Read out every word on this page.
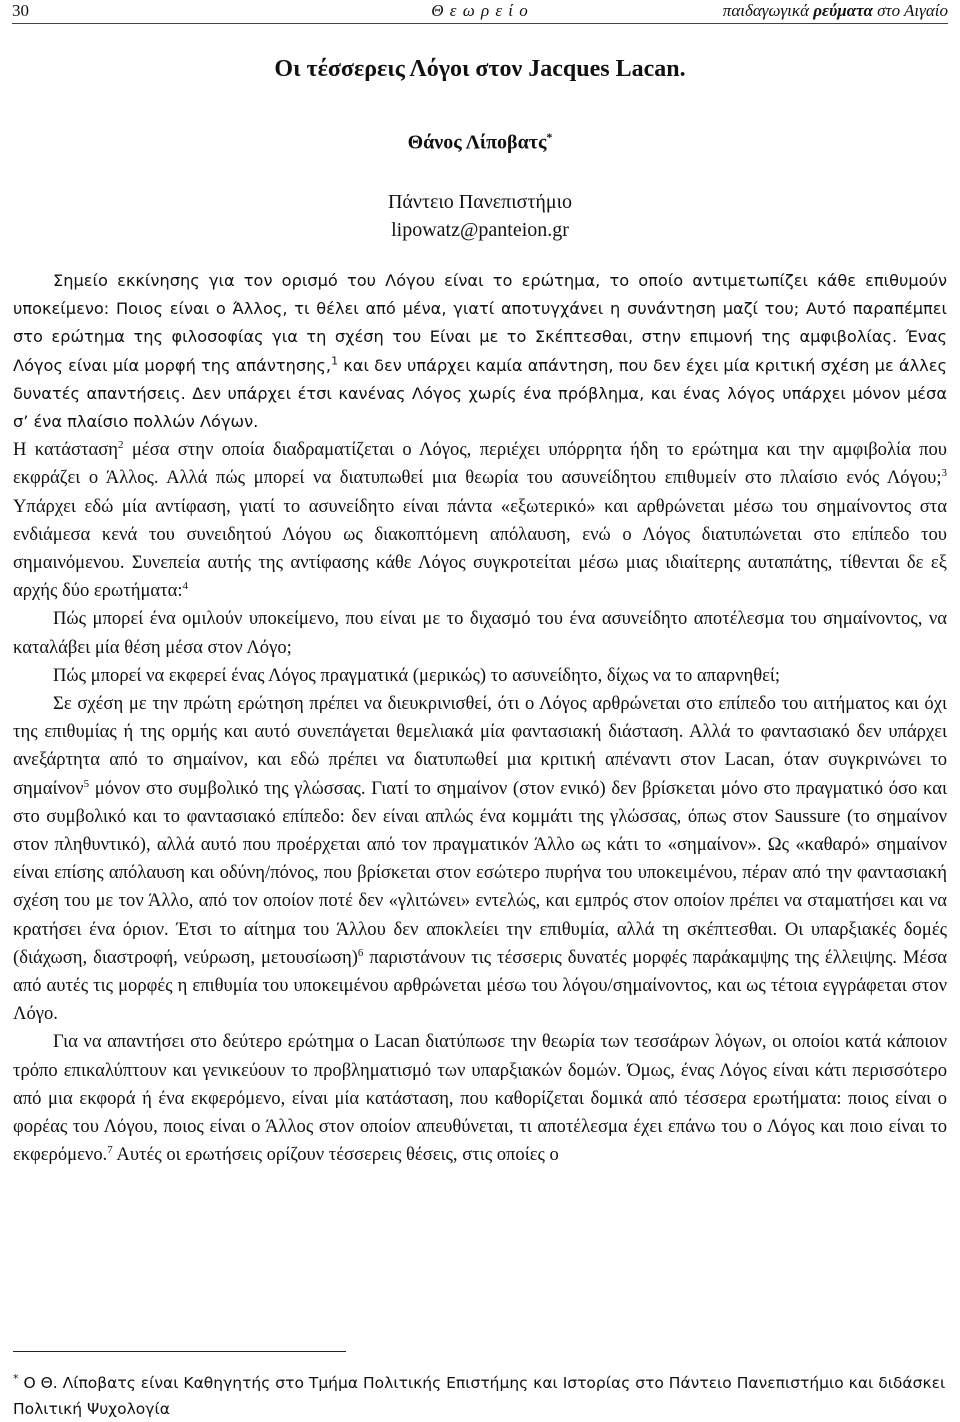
30	Θ ε ω ρ ε ί ο	παιδαγωγικά ρεύματα στο Αιγαίο
Οι τέσσερεις Λόγοι στον Jacques Lacan.
Θάνος Λίποβατς*
Πάντειο Πανεπιστήμιο
lipowatz@panteion.gr

Σημείο εκκίνησης για τον ορισμό του Λόγου είναι το ερώτημα, το οποίο αντιμετωπίζει κάθε επιθυμούν υποκείμενο: Ποιος είναι ο Άλλος, τι θέλει από μένα, γιατί αποτυγχάνει η συνάντηση μαζί του; Αυτό παραπέμπει στο ερώτημα της φιλοσοφίας για τη σχέση του Είναι με το Σκέπτεσθαι, στην επιμονή της αμφιβολίας. Ένας Λόγος είναι μία μορφή της απάντησης,$^1$ και δεν υπάρχει καμία απάντηση, που δεν έχει μία κριτική σχέση με άλλες δυνατές απαντήσεις. Δεν υπάρχει έτσι κανένας Λόγος χωρίς ένα πρόβλημα, και ένας λόγος υπάρχει μόνον μέσα σ’ ένα πλαίσιο πολλών Λόγων.

Η κατάσταση$^2$ μέσα στην οποία διαδραματίζεται ο Λόγος, περιέχει υπόρρητα ήδη το ερώτημα και την αμφιβολία που εκφράζει ο Άλλος. Αλλά πώς μπορεί να διατυπωθεί μια θεωρία του ασυνείδητου επιθυμείν στο πλαίσιο ενός Λόγου;$^3$ Υπάρχει εδώ μία αντίφαση, γιατί το ασυνείδητο είναι πάντα «εξωτερικό» και αρθρώνεται μέσω του σημαίνοντος στα ενδιάμεσα κενά του συνειδητού Λόγου ως διακοπτόμενη απόλαυση, ενώ ο Λόγος διατυπώνεται στο επίπεδο του σημαινόμενου. Συνεπεία αυτής της αντίφασης κάθε Λόγος συγκροτείται μέσω μιας ιδιαίτερης αυταπάτης, τίθενται δε εξ αρχής δύο ερωτήματα:$^4$

Πώς μπορεί ένα ομιλούν υποκείμενο, που είναι με το διχασμό του ένα ασυνείδητο αποτέλεσμα του σημαίνοντος, να καταλάβει μία θέση μέσα στον Λόγο;

Πώς μπορεί να εκφερεί ένας Λόγος πραγματικά (μερικώς) το ασυνείδητο, δίχως να το απαρνηθεί;

Σε σχέση με την πρώτη ερώτηση πρέπει να διευκρινισθεί, ότι ο Λόγος αρθρώνεται στο επίπεδο του αιτήματος και όχι της επιθυμίας ή της ορμής και αυτό συνεπάγεται θεμελιακά μία φαντασιακή διάσταση. Αλλά το φαντασιακό δεν υπάρχει ανεξάρτητα από το σημαίνον, και εδώ πρέπει να διατυπωθεί μια κριτική απέναντι στον Lacan, όταν συγκρινώνει το σημαίνον$^5$ μόνον στο συμβολικό της γλώσσας. Γιατί το σημαίνον (στον ενικό) δεν βρίσκεται μόνο στο πραγματικό όσο και στο συμβολικό και το φαντασιακό επίπεδο: δεν είναι απλώς ένα κομμάτι της γλώσσας, όπως στον Saussure (το σημαίνον στον πληθυντικό), αλλά αυτό που προέρχεται από τον πραγματικόν Άλλο ως κάτι το «σημαίνον». Ως «καθαρό» σημαίνον είναι επίσης απόλαυση και οδύνη/πόνος, που βρίσκεται στον εσώτερο πυρήνα του υποκειμένου, πέραν από την φαντασιακή σχέση του με τον Άλλο, από τον οποίον ποτέ δεν «γλιτώνει» εντελώς, και εμπρός στον οποίον πρέπει να σταματήσει και να κρατήσει ένα όριον. Έτσι το αίτημα του Άλλου δεν αποκλείει την επιθυμία, αλλά τη σκέπτεσθαι. Οι υπαρξιακές δομές (διάχωση, διαστροφή, νεύρωση, μετουσίωση)$^6$ παριστάνουν τις τέσσερις δυνατές μορφές παράκαμψης της έλλειψης. Μέσα από αυτές τις μορφές η επιθυμία του υποκειμένου αρθρώνεται μέσω του λόγου/σημαίνοντος, και ως τέτοια εγγράφεται στον Λόγο.

Για να απαντήσει στο δεύτερο ερώτημα ο Lacan διατύπωσε την θεωρία των τεσσάρων λόγων, οι οποίοι κατά κάποιον τρόπο επικαλύπτουν και γενικεύουν το προβληματισμό των υπαρξιακών δομών. Όμως, ένας Λόγος είναι κάτι περισσότερο από μια εκφορά ή ένα εκφερόμενο, είναι μία κατάσταση, που καθορίζεται δομικά από τέσσερα ερωτήματα: ποιος είναι ο φορέας του Λόγου, ποιος είναι ο Άλλος στον οποίον απευθύνεται, τι αποτέλεσμα έχει επάνω του ο Λόγος και ποιο είναι το εκφερόμενο.$^7$ Αυτές οι ερωτήσεις ορίζουν τέσσερεις θέσεις, στις οποίες ο

* Ο Θ. Λίποβατς είναι Καθηγητής στο Τμήμα Πολιτικής Επιστήμης και Ιστορίας στο Πάντειο Πανεπιστήμιο και διδάσκει Πολιτική Ψυχολογία
